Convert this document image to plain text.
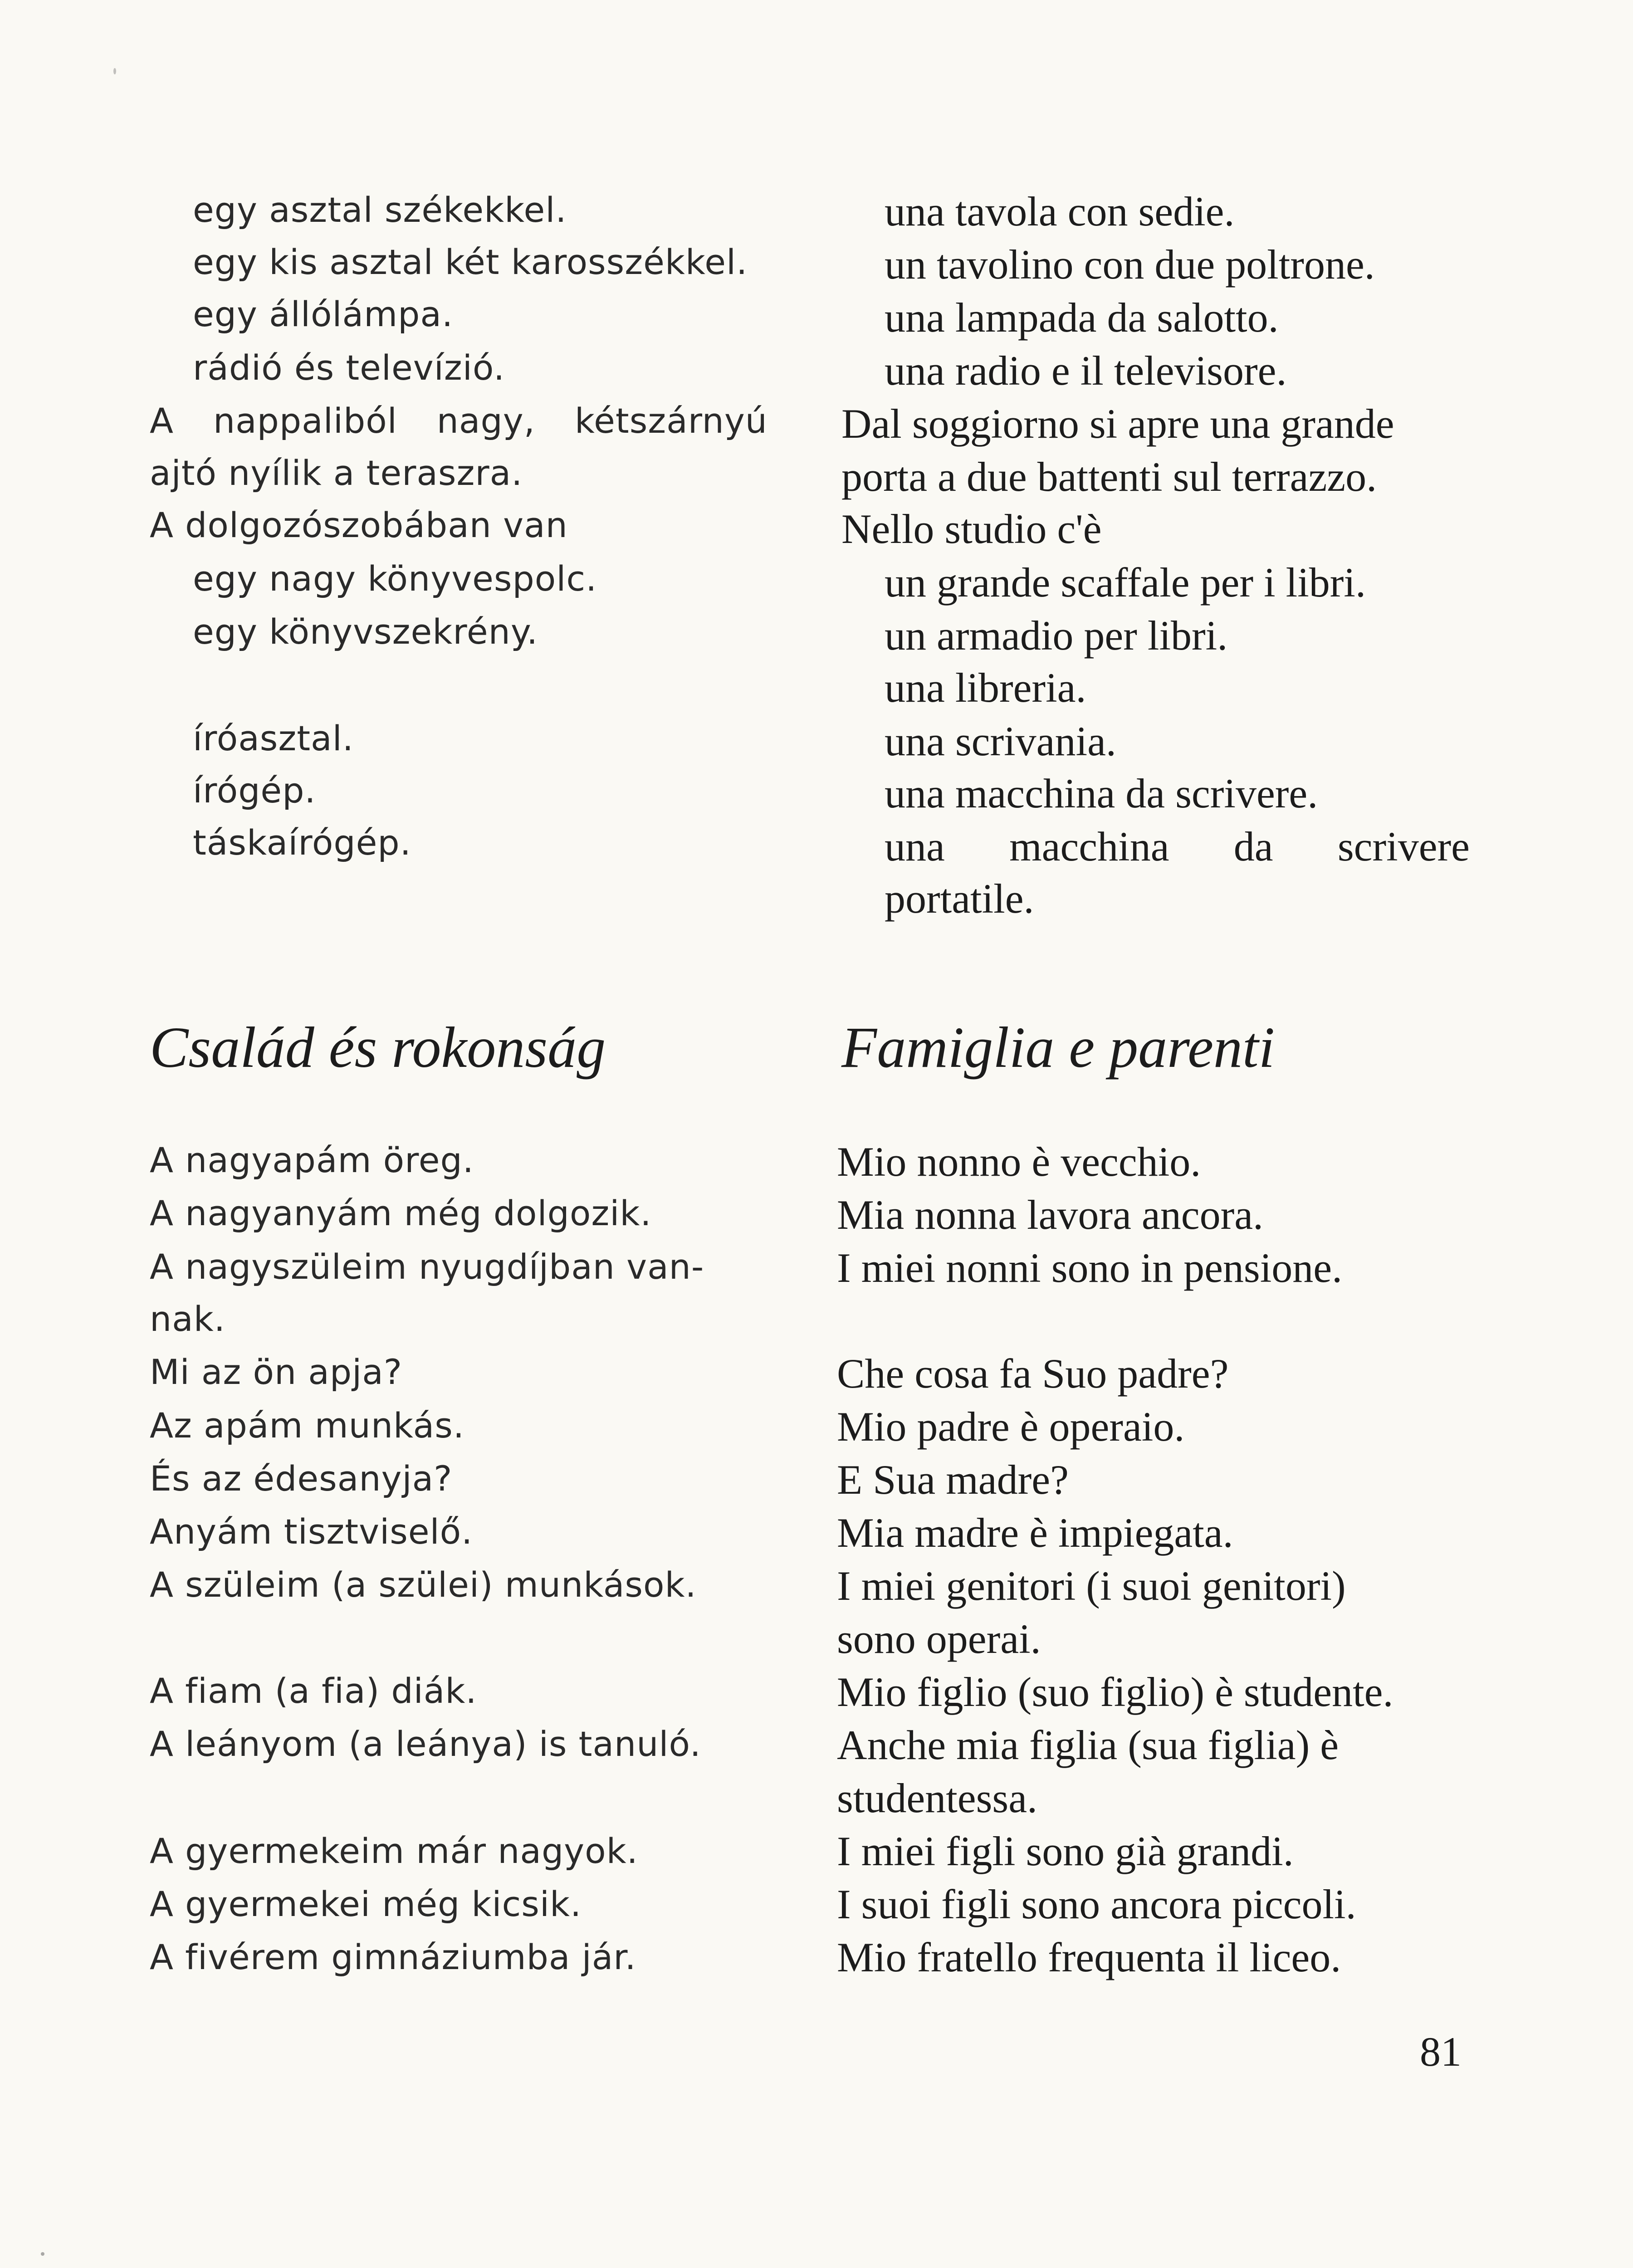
egy asztal székekkel.
egy kis asztal két karosszékkel.
egy állólámpa.
rádió és televízió.
A nappaliból nagy, kétszárnyú
ajtó nyílik a teraszra.
A dolgozószobában van
egy nagy könyvespolc.
egy könyvszekrény.
íróasztal.
írógép.
táskaírógép.
una tavola con sedie.
un tavolino con due poltrone.
una lampada da salotto.
una radio e il televisore.
Dal soggiorno si apre una grande
porta a due battenti sul terrazzo.
Nello studio c'è
un grande scaffale per i libri.
un armadio per libri.
una libreria.
una scrivania.
una macchina da scrivere.
una macchina da scrivere
portatile.
Család és rokonság	Famiglia e parenti
A nagyapám öreg.
A nagyanyám még dolgozik.
A nagyszüleim nyugdíjban van-
nak.
Mi az ön apja?
Az apám munkás.
És az édesanyja?
Anyám tisztviselő.
A szüleim (a szülei) munkások.
A fiam (a fia) diák.
A leányom (a leánya) is tanuló.
A gyermekeim már nagyok.
A gyermekei még kicsik.
A fivérem gimnáziumba jár.
Mio nonno è vecchio.
Mia nonna lavora ancora.
I miei nonni sono in pensione.
Che cosa fa Suo padre?
Mio padre è operaio.
E Sua madre?
Mia madre è impiegata.
I miei genitori (i suoi genitori)
sono operai.
Mio figlio (suo figlio) è studente.
Anche mia figlia (sua figlia) è
studentessa.
I miei figli sono già grandi.
I suoi figli sono ancora piccoli.
Mio fratello frequenta il liceo.
81
